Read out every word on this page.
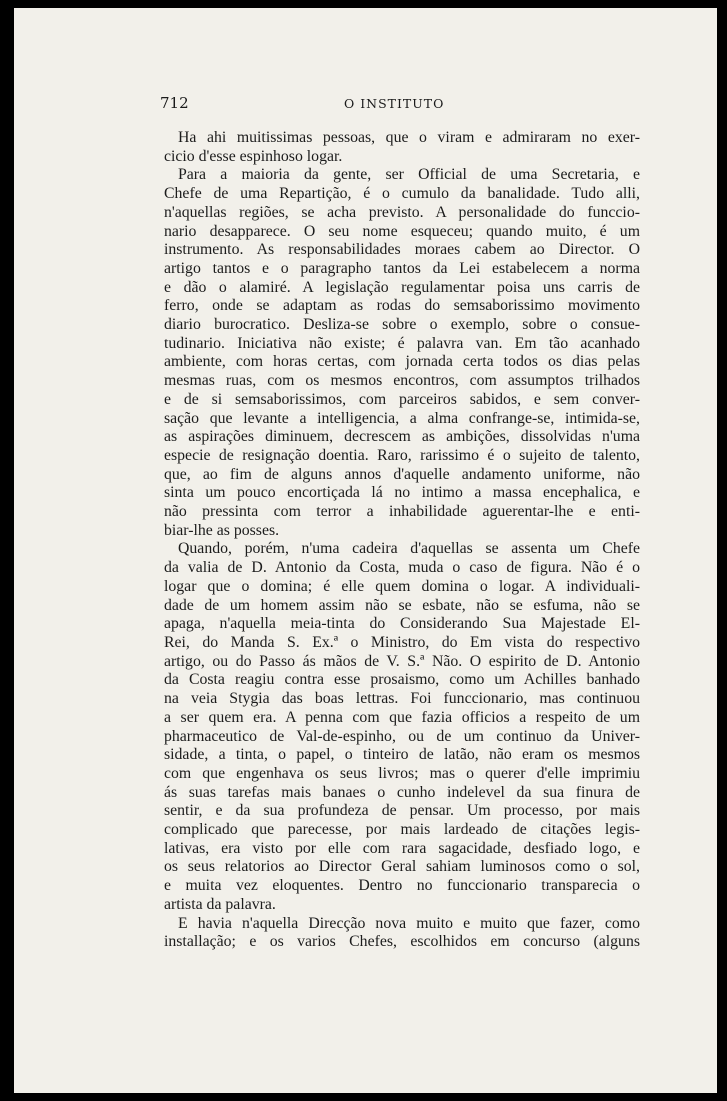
712	O INSTITUTO
Ha ahi muitissimas pessoas, que o viram e admiraram no exer-
cicio d'esse espinhoso logar.
Para a maioria da gente, ser Official de uma Secretaria, e
Chefe de uma Repartição, é o cumulo da banalidade. Tudo alli,
n'aquellas regiões, se acha previsto. A personalidade do funccio-
nario desapparece. O seu nome esqueceu; quando muito, é um
instrumento. As responsabilidades moraes cabem ao Director. O
artigo tantos e o paragrapho tantos da Lei estabelecem a norma
e dão o alamiré. A legislação regulamentar poisa uns carris de
ferro, onde se adaptam as rodas do semsaborissimo movimento
diario burocratico. Desliza-se sobre o exemplo, sobre o consue-
tudinario. Iniciativa não existe; é palavra van. Em tão acanhado
ambiente, com horas certas, com jornada certa todos os dias pelas
mesmas ruas, com os mesmos encontros, com assumptos trilhados
e de si semsaborissimos, com parceiros sabidos, e sem conver-
sação que levante a intelligencia, a alma confrange-se, intimida-se,
as aspirações diminuem, decrescem as ambições, dissolvidas n'uma
especie de resignação doentia. Raro, rarissimo é o sujeito de talento,
que, ao fim de alguns annos d'aquelle andamento uniforme, não
sinta um pouco encortiçada lá no intimo a massa encephalica, e
não pressinta com terror a inhabilidade aguerentar-lhe e enti-
biar-lhe as posses.
Quando, porém, n'uma cadeira d'aquellas se assenta um Chefe
da valia de D. Antonio da Costa, muda o caso de figura. Não é o
logar que o domina; é elle quem domina o logar. A individuali-
dade de um homem assim não se esbate, não se esfuma, não se
apaga, n'aquella meia-tinta do Considerando Sua Majestade El-
Rei, do Manda S. Ex.ª o Ministro, do Em vista do respectivo
artigo, ou do Passo ás mãos de V. S.ª Não. O espirito de D. Antonio
da Costa reagiu contra esse prosaismo, como um Achilles banhado
na veia Stygia das boas lettras. Foi funccionario, mas continuou
a ser quem era. A penna com que fazia officios a respeito de um
pharmaceutico de Val-de-espinho, ou de um continuo da Univer-
sidade, a tinta, o papel, o tinteiro de latão, não eram os mesmos
com que engenhava os seus livros; mas o querer d'elle imprimiu
ás suas tarefas mais banaes o cunho indelevel da sua finura de
sentir, e da sua profundeza de pensar. Um processo, por mais
complicado que parecesse, por mais lardeado de citações legis-
lativas, era visto por elle com rara sagacidade, desfiado logo, e
os seus relatorios ao Director Geral sahiam luminosos como o sol,
e muita vez eloquentes. Dentro no funccionario transparecia o
artista da palavra.
E havia n'aquella Direcção nova muito e muito que fazer, como
installação; e os varios Chefes, escolhidos em concurso (alguns
